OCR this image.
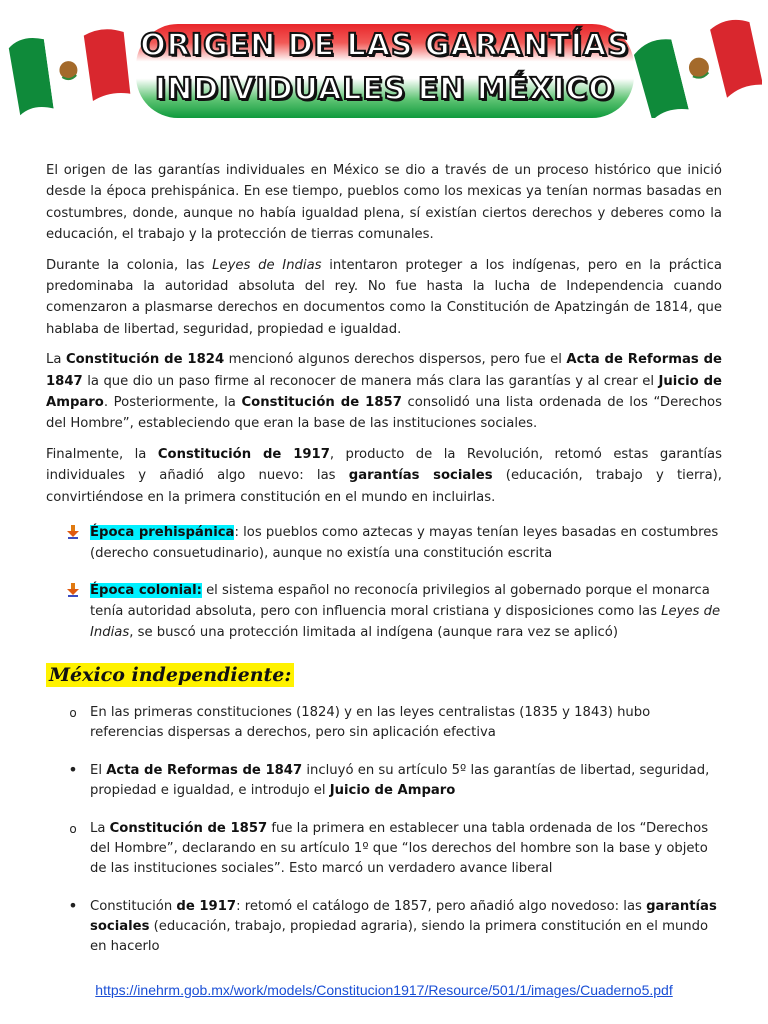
ORIGEN DE LAS GARANTÍAS
INDIVIDUALES EN MÉXICO

El origen de las garantías individuales en México se dio a través de un proceso histórico que inició desde la época prehispánica. En ese tiempo, pueblos como los mexicas ya tenían normas basadas en costumbres, donde, aunque no había igualdad plena, sí existían ciertos derechos y deberes como la educación, el trabajo y la protección de tierras comunales.

Durante la colonia, las Leyes de Indias intentaron proteger a los indígenas, pero en la práctica predominaba la autoridad absoluta del rey. No fue hasta la lucha de Independencia cuando comenzaron a plasmarse derechos en documentos como la Constitución de Apatzingán de 1814, que hablaba de libertad, seguridad, propiedad e igualdad.

La Constitución de 1824 mencionó algunos derechos dispersos, pero fue el Acta de Reformas de 1847 la que dio un paso firme al reconocer de manera más clara las garantías y al crear el Juicio de Amparo. Posteriormente, la Constitución de 1857 consolidó una lista ordenada de los “Derechos del Hombre”, estableciendo que eran la base de las instituciones sociales.

Finalmente, la Constitución de 1917, producto de la Revolución, retomó estas garantías individuales y añadió algo nuevo: las garantías sociales (educación, trabajo y tierra), convirtiéndose en la primera constitución en el mundo en incluirlas.

Época prehispánica: los pueblos como aztecas y mayas tenían leyes basadas en costumbres (derecho consuetudinario), aunque no existía una constitución escrita
Época colonial: el sistema español no reconocía privilegios al gobernado porque el monarca tenía autoridad absoluta, pero con influencia moral cristiana y disposiciones como las Leyes de Indias, se buscó una protección limitada al indígena (aunque rara vez se aplicó)
México independiente:
o En las primeras constituciones (1824) y en las leyes centralistas (1835 y 1843) hubo referencias dispersas a derechos, pero sin aplicación efectiva
• El Acta de Reformas de 1847 incluyó en su artículo 5º las garantías de libertad, seguridad, propiedad e igualdad, e introdujo el Juicio de Amparo
o La Constitución de 1857 fue la primera en establecer una tabla ordenada de los “Derechos del Hombre”, declarando en su artículo 1º que “los derechos del hombre son la base y objeto de las instituciones sociales”. Esto marcó un verdadero avance liberal
• Constitución de 1917: retomó el catálogo de 1857, pero añadió algo novedoso: las garantías sociales (educación, trabajo, propiedad agraria), siendo la primera constitución en el mundo en hacerlo
https://inehrm.gob.mx/work/models/Constitucion1917/Resource/501/1/images/Cuaderno5.pdf
